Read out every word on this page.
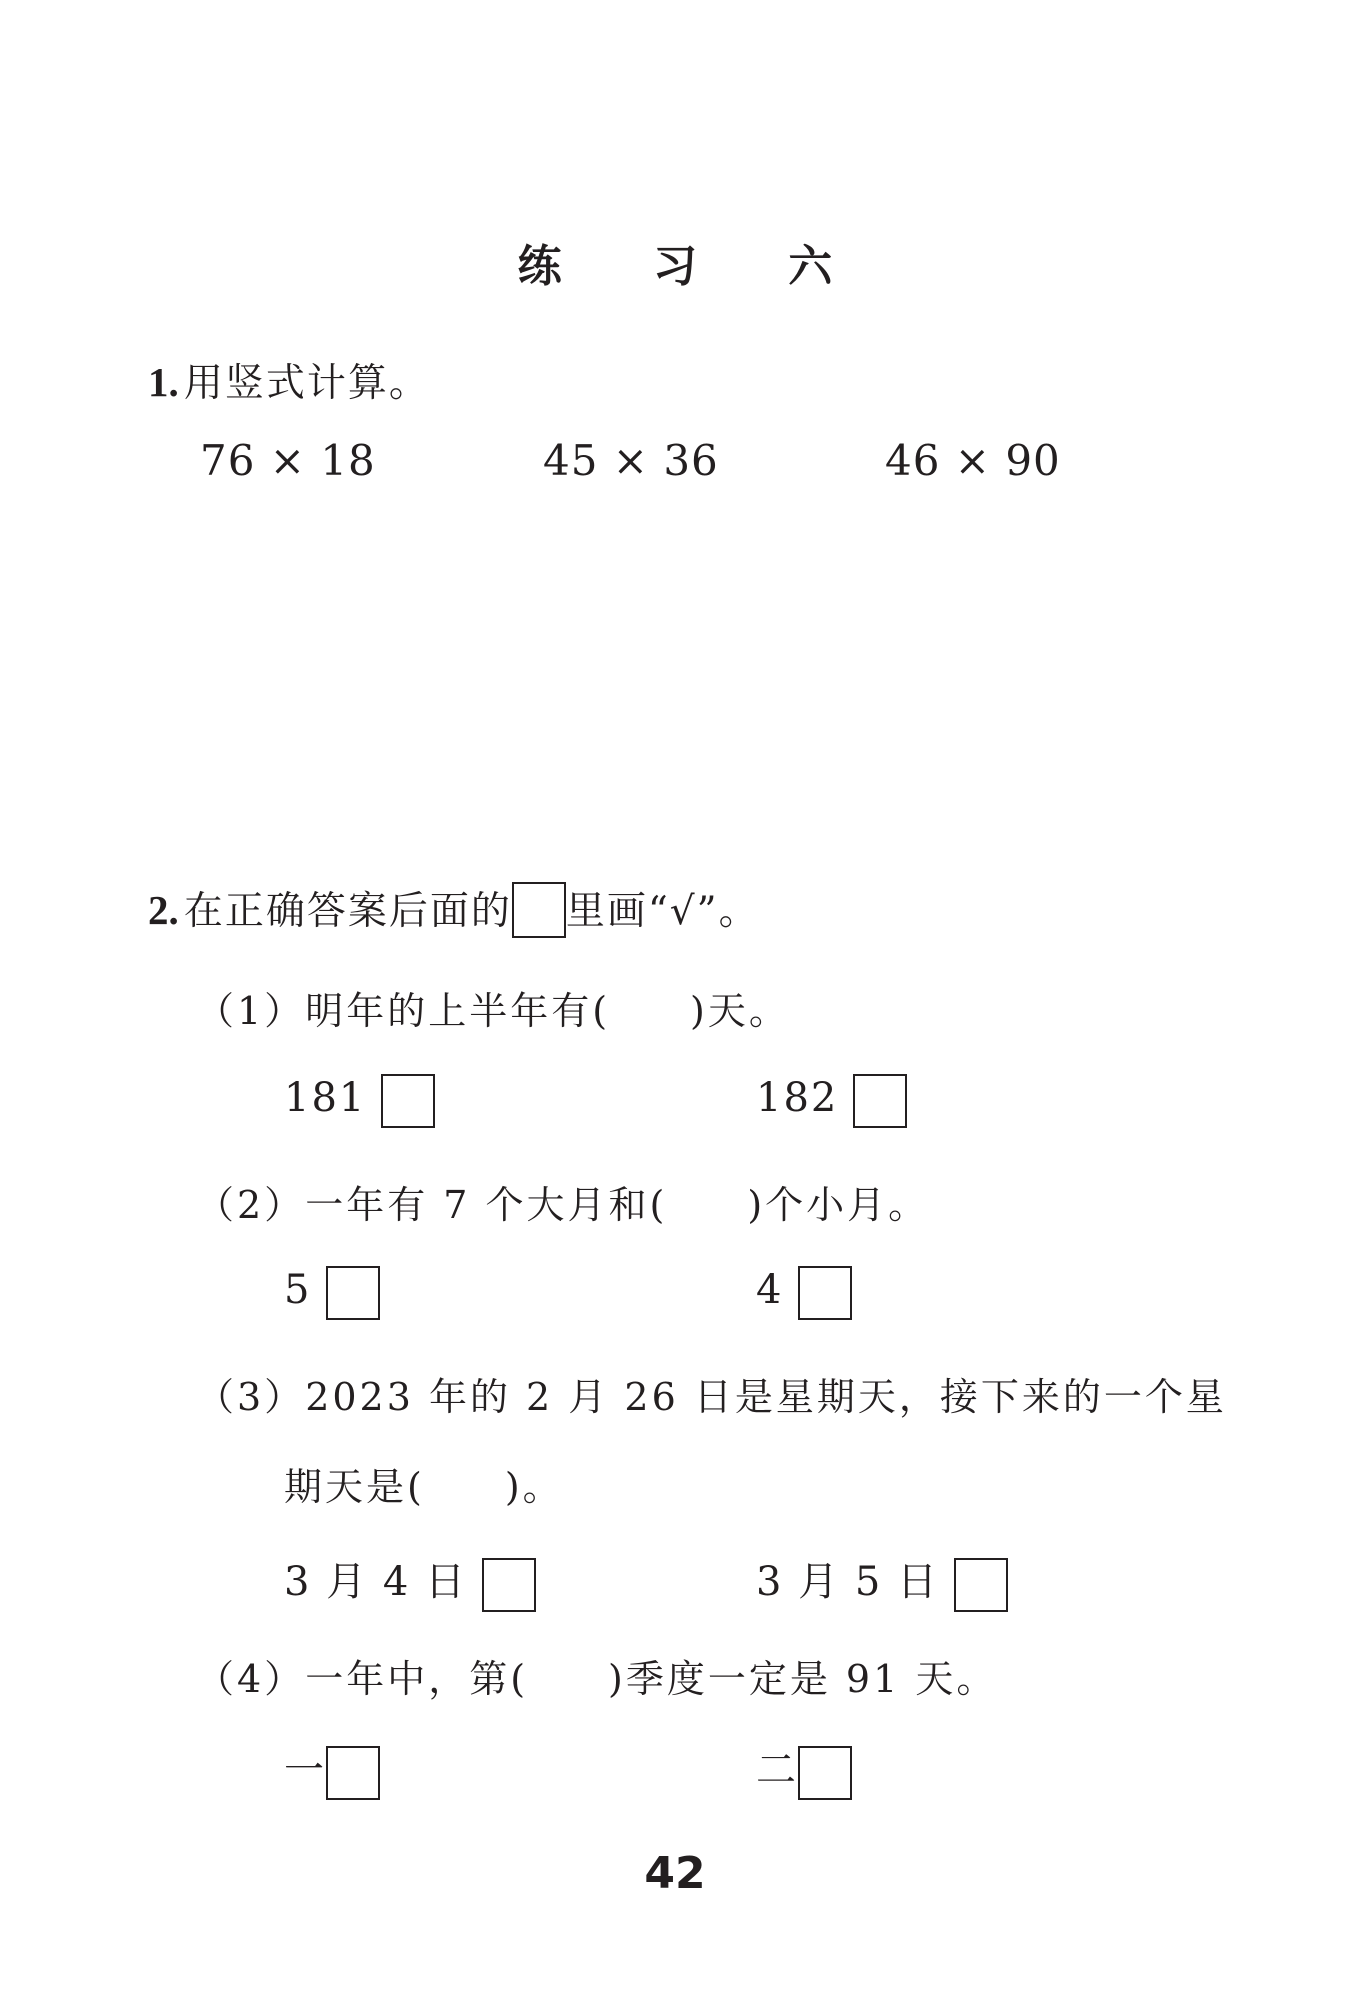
练 习 六
1. 用竖式计算。
76 × 18	45 × 36	46 × 90
2. 在正确答案后面的 里画“√”。
（1）明年的上半年有( )天。
181	182
（2）一年有 7 个大月和( )个小月。
5	4
（3）2023 年的 2 月 26 日是星期天，接下来的一个星
期天是( )。
3 月 4 日	3 月 5 日
（4）一年中，第( )季度一定是 91 天。
一	二
42
